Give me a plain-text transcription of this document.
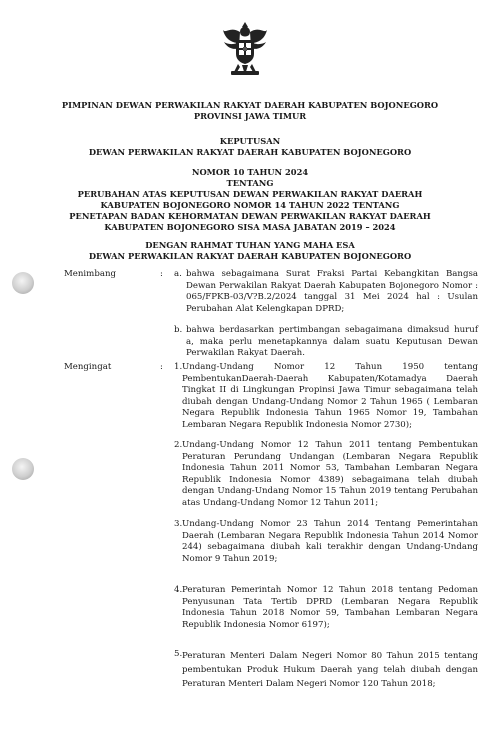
PIMPINAN DEWAN PERWAKILAN RAKYAT DAERAH KABUPATEN BOJONEGORO
PROVINSI JAWA TIMUR
KEPUTUSAN
DEWAN PERWAKILAN RAKYAT DAERAH KABUPATEN BOJONEGORO
NOMOR 10 TAHUN 2024
TENTANG
PERUBAHAN ATAS KEPUTUSAN DEWAN PERWAKILAN RAKYAT DAERAH
KABUPATEN BOJONEGORO NOMOR 14 TAHUN 2022 TENTANG
PENETAPAN BADAN KEHORMATAN DEWAN PERWAKILAN RAKYAT DAERAH
KABUPATEN BOJONEGORO SISA MASA JABATAN 2019 – 2024
DENGAN RAHMAT TUHAN YANG MAHA ESA
DEWAN PERWAKILAN RAKYAT DAERAH KABUPATEN BOJONEGORO
Menimbang	: a. bahwa sebagaimana Surat Fraksi Partai Kebangkitan Bangsa Dewan Perwakilan Rakyat Daerah Kabupaten Bojonegoro Nomor : 065/FPKB-03/V?B.2/2024 tanggal 31 Mei 2024 hal : Usulan Perubahan Alat Kelengkapan DPRD;
b. bahwa berdasarkan pertimbangan sebagaimana dimaksud huruf a, maka perlu menetapkannya dalam suatu Keputusan Dewan Perwakilan Rakyat Daerah.
Mengingat	: 1. Undang-Undang Nomor 12 Tahun 1950 tentang PembentukanDaerah-Daerah Kabupaten/Kotamadya Daerah Tingkat II di Lingkungan Propinsi Jawa Timur sebagaimana telah diubah dengan Undang-Undang Nomor 2 Tahun 1965 ( Lembaran Negara Republik Indonesia Tahun 1965 Nomor 19, Tambahan Lembaran Negara Republik Indonesia Nomor 2730);
2. Undang-Undang Nomor 12 Tahun 2011 tentang Pembentukan Peraturan Perundang Undangan (Lembaran Negara Republik Indonesia Tahun 2011 Nomor 53, Tambahan Lembaran Negara Republik Indonesia Nomor 4389) sebagaimana telah diubah dengan Undang-Undang Nomor 15 Tahun 2019 tentang Perubahan atas Undang-Undang Nomor 12 Tahun 2011;
3. Undang-Undang Nomor 23 Tahun 2014 Tentang Pemerintahan Daerah (Lembaran Negara Republik Indonesia Tahun 2014 Nomor 244) sebagaimana diubah kali terakhir dengan Undang-Undang Nomor 9 Tahun 2019;
4. Peraturan Pemerintah Nomor 12 Tahun 2018 tentang Pedoman Penyusunan Tata Tertib DPRD (Lembaran Negara Republik Indonesia Tahun 2018 Nomor 59, Tambahan Lembaran Negara Republik Indonesia Nomor 6197);
5. Peraturan Menteri Dalam Negeri Nomor 80 Tahun 2015 tentang pembentukan Produk Hukum Daerah yang telah diubah dengan Peraturan Menteri Dalam Negeri Nomor 120 Tahun 2018;
